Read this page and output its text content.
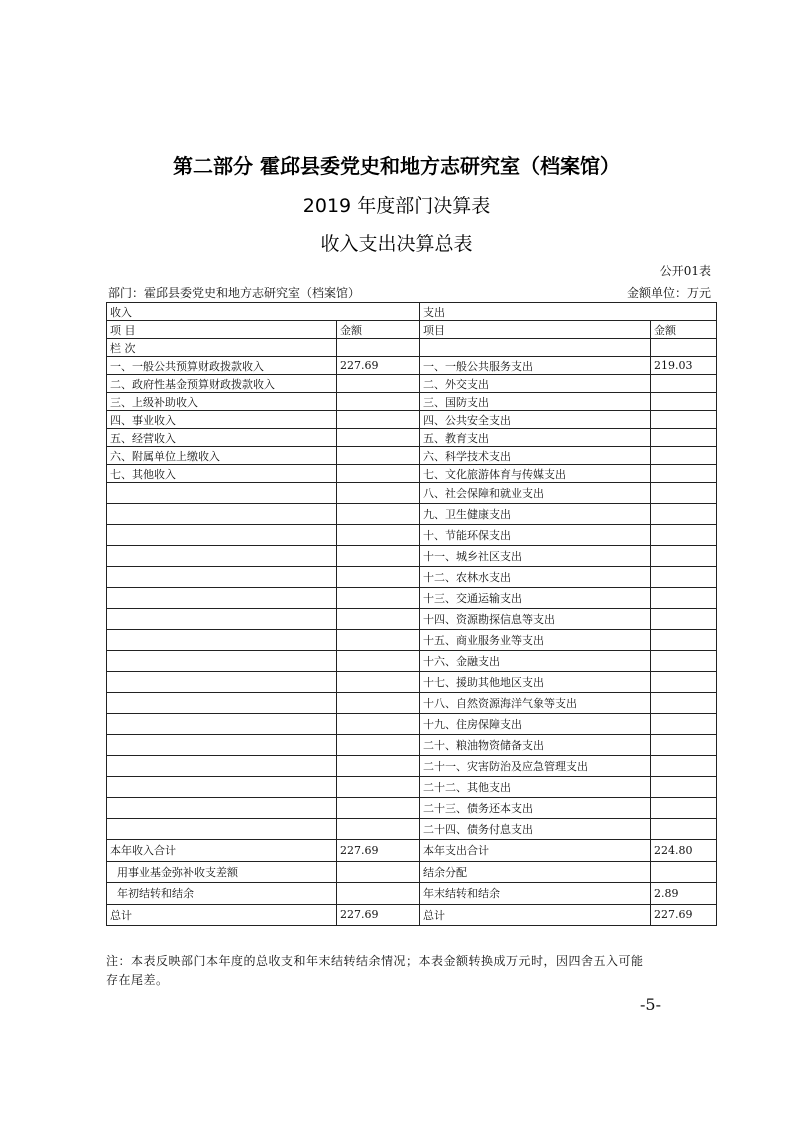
第二部分 霍邱县委党史和地方志研究室（档案馆）
2019 年度部门决算表
收入支出决算总表
公开01表
部门：霍邱县委党史和地方志研究室（档案馆）	金额单位：万元
收入		支出	
项 目	金额	项目	金额
栏 次			
一、一般公共预算财政拨款收入	227.69	一、一般公共服务支出	219.03
二、政府性基金预算财政拨款收入		二、外交支出	
三、上级补助收入		三、国防支出	
四、事业收入		四、公共安全支出	
五、经营收入		五、教育支出	
六、附属单位上缴收入		六、科学技术支出	
七、其他收入		七、文化旅游体育与传媒支出	
		八、社会保障和就业支出	
		九、卫生健康支出	
		十、节能环保支出	
		十一、城乡社区支出	
		十二、农林水支出	
		十三、交通运输支出	
		十四、资源勘探信息等支出	
		十五、商业服务业等支出	
		十六、金融支出	
		十七、援助其他地区支出	
		十八、自然资源海洋气象等支出	
		十九、住房保障支出	
		二十、粮油物资储备支出	
		二十一、灾害防治及应急管理支出	
		二十二、其他支出	
		二十三、债务还本支出	
		二十四、债务付息支出	
本年收入合计	227.69	本年支出合计	224.80
用事业基金弥补收支差额		结余分配	
年初结转和结余		年末结转和结余	2.89
总计	227.69	总计	227.69
注：本表反映部门本年度的总收支和年末结转结余情况；本表金额转换成万元时，因四舍五入可能
存在尾差。
-5-
